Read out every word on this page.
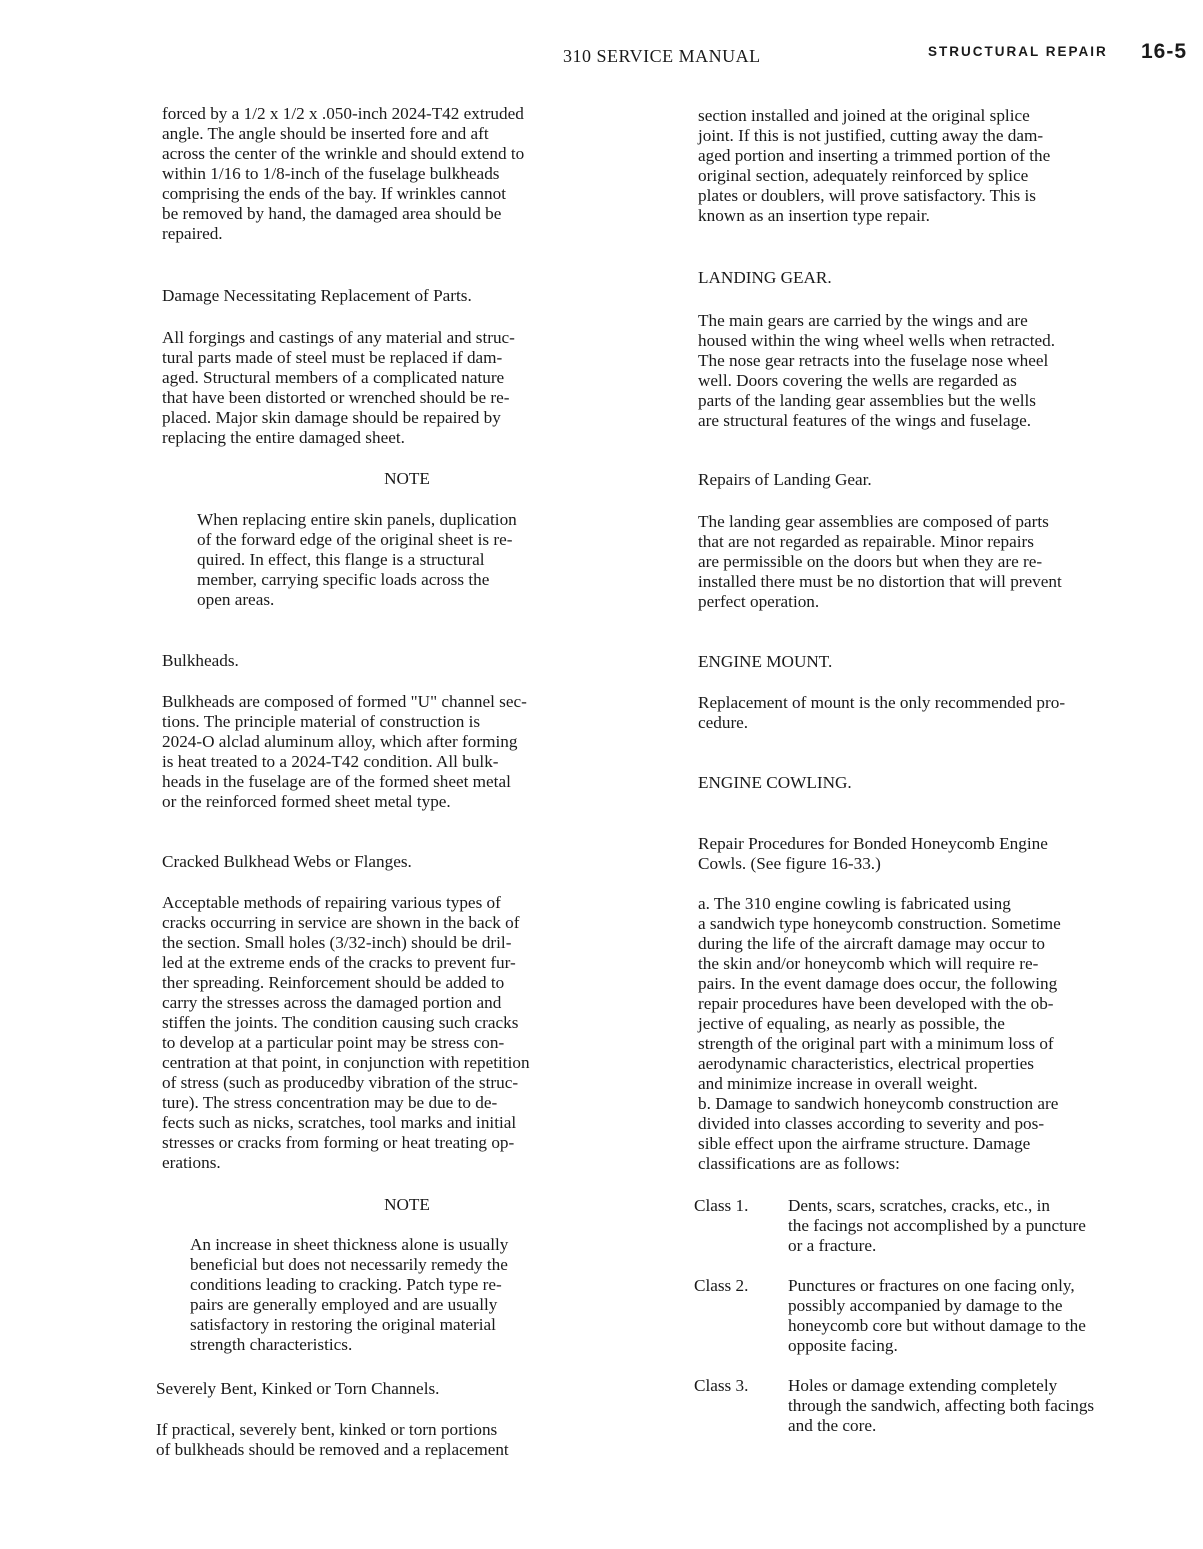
310 SERVICE MANUAL	STRUCTURAL REPAIR 16-5
forced by a 1/2 x 1/2 x .050-inch 2024-T42 extruded
angle. The angle should be inserted fore and aft
across the center of the wrinkle and should extend to
within 1/16 to 1/8-inch of the fuselage bulkheads
comprising the ends of the bay. If wrinkles cannot
be removed by hand, the damaged area should be
repaired.
Damage Necessitating Replacement of Parts.
All forgings and castings of any material and struc-
tural parts made of steel must be replaced if dam-
aged. Structural members of a complicated nature
that have been distorted or wrenched should be re-
placed. Major skin damage should be repaired by
replacing the entire damaged sheet.
NOTE
When replacing entire skin panels, duplication
of the forward edge of the original sheet is re-
quired. In effect, this flange is a structural
member, carrying specific loads across the
open areas.
Bulkheads.
Bulkheads are composed of formed "U" channel sec-
tions. The principle material of construction is
2024-O alclad aluminum alloy, which after forming
is heat treated to a 2024-T42 condition. All bulk-
heads in the fuselage are of the formed sheet metal
or the reinforced formed sheet metal type.
Cracked Bulkhead Webs or Flanges.
Acceptable methods of repairing various types of
cracks occurring in service are shown in the back of
the section. Small holes (3/32-inch) should be dril-
led at the extreme ends of the cracks to prevent fur-
ther spreading. Reinforcement should be added to
carry the stresses across the damaged portion and
stiffen the joints. The condition causing such cracks
to develop at a particular point may be stress con-
centration at that point, in conjunction with repetition
of stress (such as producedby vibration of the struc-
ture). The stress concentration may be due to de-
fects such as nicks, scratches, tool marks and initial
stresses or cracks from forming or heat treating op-
erations.
NOTE
An increase in sheet thickness alone is usually
beneficial but does not necessarily remedy the
conditions leading to cracking. Patch type re-
pairs are generally employed and are usually
satisfactory in restoring the original material
strength characteristics.
Severely Bent, Kinked or Torn Channels.
If practical, severely bent, kinked or torn portions
of bulkheads should be removed and a replacement
section installed and joined at the original splice
joint. If this is not justified, cutting away the dam-
aged portion and inserting a trimmed portion of the
original section, adequately reinforced by splice
plates or doublers, will prove satisfactory. This is
known as an insertion type repair.
LANDING GEAR.
The main gears are carried by the wings and are
housed within the wing wheel wells when retracted.
The nose gear retracts into the fuselage nose wheel
well. Doors covering the wells are regarded as
parts of the landing gear assemblies but the wells
are structural features of the wings and fuselage.
Repairs of Landing Gear.
The landing gear assemblies are composed of parts
that are not regarded as repairable. Minor repairs
are permissible on the doors but when they are re-
installed there must be no distortion that will prevent
perfect operation.
ENGINE MOUNT.
Replacement of mount is the only recommended pro-
cedure.
ENGINE COWLING.
Repair Procedures for Bonded Honeycomb Engine
Cowls. (See figure 16-33.)
a. The 310 engine cowling is fabricated using
a sandwich type honeycomb construction. Sometime
during the life of the aircraft damage may occur to
the skin and/or honeycomb which will require re-
pairs. In the event damage does occur, the following
repair procedures have been developed with the ob-
jective of equaling, as nearly as possible, the
strength of the original part with a minimum loss of
aerodynamic characteristics, electrical properties
and minimize increase in overall weight.
b. Damage to sandwich honeycomb construction are
divided into classes according to severity and pos-
sible effect upon the airframe structure. Damage
classifications are as follows:
Class 1.	Dents, scars, scratches, cracks, etc., in
the facings not accomplished by a puncture
or a fracture.
Class 2.	Punctures or fractures on one facing only,
possibly accompanied by damage to the
honeycomb core but without damage to the
opposite facing.
Class 3.	Holes or damage extending completely
through the sandwich, affecting both facings
and the core.
